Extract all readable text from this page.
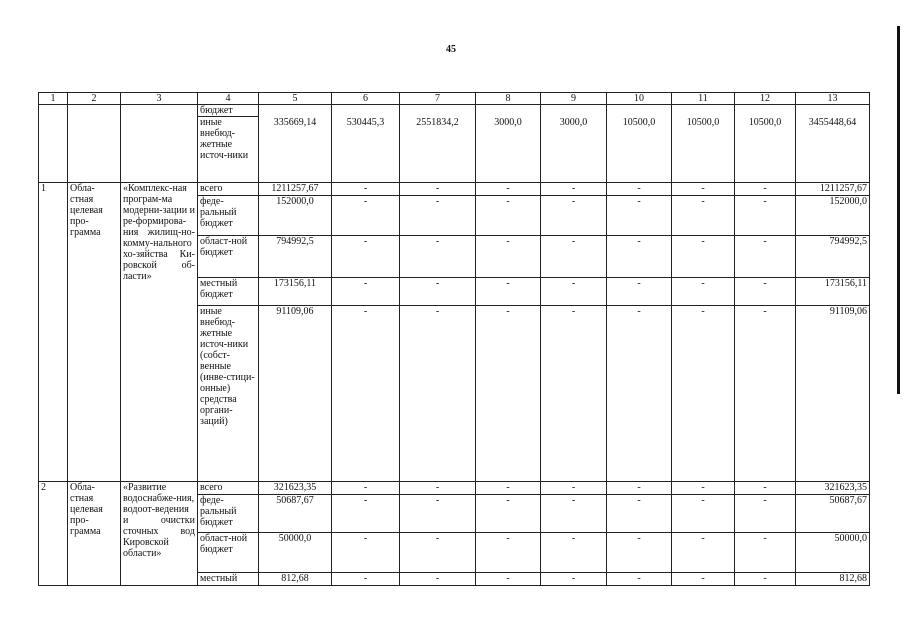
45
1	2	3	4	5	6	7	8	9	10	11	12	13
			бюджет									
			иные внебюд-жетные источ-ники	335669,14	530445,3	2551834,2	3000,0	3000,0	10500,0	10500,0	10500,0	3455448,64
1	Обла-стная целевая про-грамма	«Комплекс-ная програм-ма модерни-зации и ре-формирова-ния жилищ-но-комму-нального хо-зяйства Ки-ровской об-ласти»	всего	1211257,67	-	-	-	-	-	-	-	1211257,67
			феде-ральный бюджет	152000,0	-	-	-	-	-	-	-	152000,0
			област-ной бюджет	794992,5	-	-	-	-	-	-	-	794992,5
			местный бюджет	173156,11	-	-	-	-	-	-	-	173156,11
			иные внебюд-жетные источ-ники (собст-венные (инве-стици-онные) средства органи-заций)	91109,06	-	-	-	-	-	-	-	91109,06
2	Обла-стная целевая про-грамма	«Развитие водоснабже-ния, водоот-ведения и очистки сточных вод Кировской области»	всего	321623,35	-	-	-	-	-	-	-	321623,35
			феде-ральный бюджет	50687,67	-	-	-	-	-	-	-	50687,67
			област-ной бюджет	50000,0	-	-	-	-	-	-	-	50000,0
			местный	812,68	-	-	-	-	-	-	-	812,68
